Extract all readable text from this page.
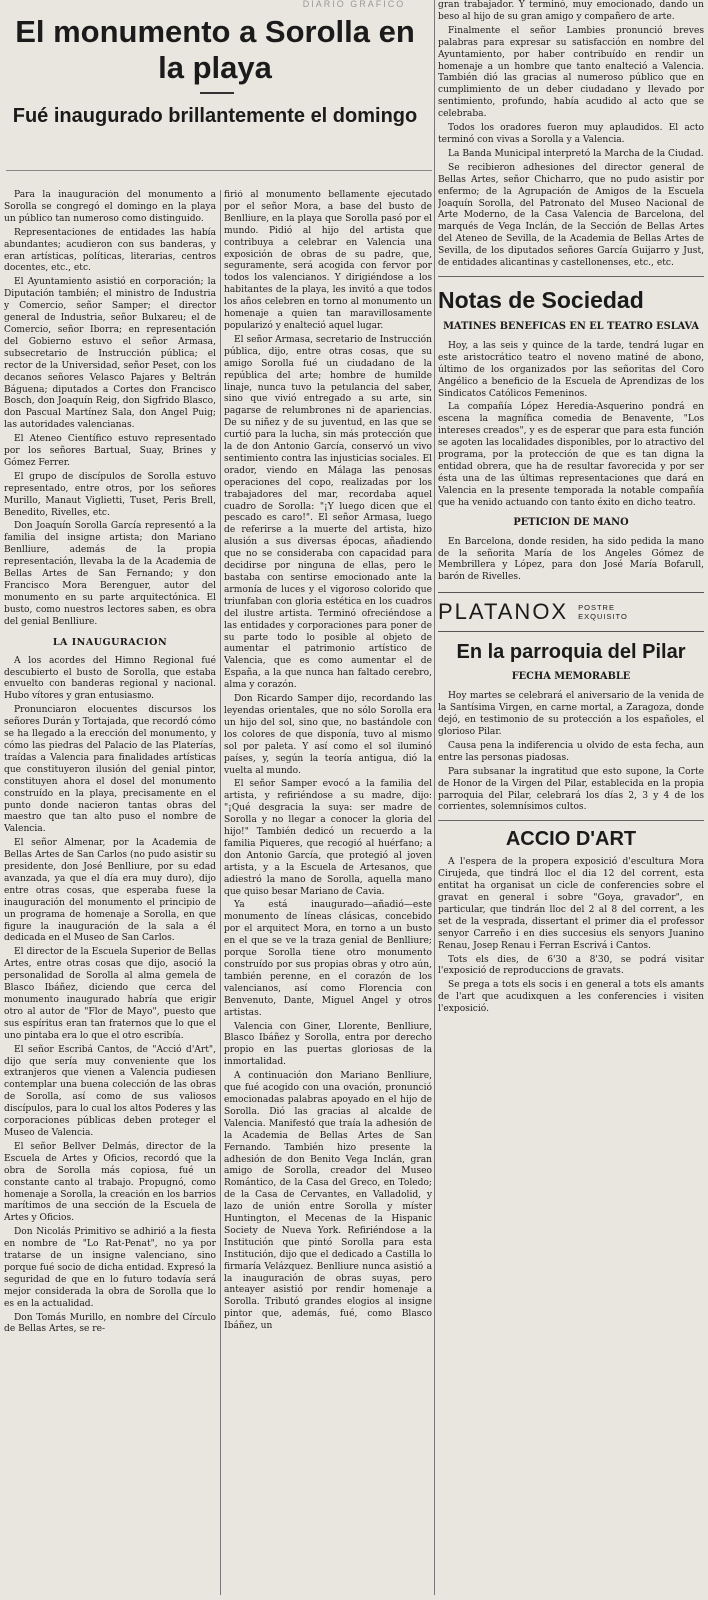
DIARIO GRÁFICO
El monumento a Sorolla en la playa
Fué inaugurado brillantemente el domingo

Para la inauguración del monumento a Sorolla se congregó el domingo en la playa un público tan numeroso como distinguido.

Representaciones de entidades las había abundantes; acudieron con sus banderas, y eran artísticas, políticas, literarias, centros docentes, etc., etc.

El Ayuntamiento asistió en corporación; la Diputación también; el ministro de Industria y Comercio, señor Samper; el director general de Industria, señor Bulxareu; el de Comercio, señor Iborra; en representación del Gobierno estuvo el señor Armasa, subsecretario de Instrucción pública; el rector de la Universidad, señor Peset, con los decanos señores Velasco Pajares y Beltrán Báguena; diputados a Cortes don Francisco Bosch, don Joaquín Reig, don Sigfrido Blasco, don Pascual Martínez Sala, don Angel Puig; las autoridades valencianas.

El Ateneo Científico estuvo representado por los señores Bartual, Suay, Brines y Gómez Ferrer.

El grupo de discípulos de Sorolla estuvo representado, entre otros, por los señores Murillo, Manaut Viglietti, Tuset, Peris Brell, Benedito, Rivelles, etc.

Don Joaquín Sorolla García representó a la familia del insigne artista; don Mariano Benlliure, además de la propia representación, llevaba la de la Academia de Bellas Artes de San Fernando; y don Francisco Mora Berenguer, autor del monumento en su parte arquitectónica. El busto, como nuestros lectores saben, es obra del genial Benlliure.

LA INAUGURACION

A los acordes del Himno Regional fué descubierto el busto de Sorolla, que estaba envuelto con banderas regional y nacional. Hubo vítores y gran entusiasmo.

Pronunciaron elocuentes discursos los señores Durán y Tortajada, que recordó cómo se ha llegado a la erección del monumento, y cómo las piedras del Palacio de las Platerías, traídas a Valencia para finalidades artísticas que constituyeron ilusión del genial pintor, constituyen ahora el dosel del monumento construído en la playa, precisamente en el punto donde nacieron tantas obras del maestro que tan alto puso el nombre de Valencia.

El señor Almenar, por la Academia de Bellas Artes de San Carlos (no pudo asistir su presidente, don José Benlliure, por su edad avanzada, ya que el día era muy duro), dijo entre otras cosas, que esperaba fuese la inauguración del monumento el principio de un programa de homenaje a Sorolla, en que figure la inauguración de la sala a él dedicada en el Museo de San Carlos.

El director de la Escuela Superior de Bellas Artes, entre otras cosas que dijo, asoció la personalidad de Sorolla al alma gemela de Blasco Ibáñez, diciendo que cerca del monumento inaugurado habría que erigir otro al autor de "Flor de Mayo", puesto que sus espíritus eran tan fraternos que lo que el uno pintaba era lo que el otro escribía.

El señor Escribá Cantos, de "Acció d'Art", dijo que sería muy conveniente que los extranjeros que vienen a Valencia pudiesen contemplar una buena colección de las obras de Sorolla, así como de sus valiosos discípulos, para lo cual los altos Poderes y las corporaciones públicas deben proteger el Museo de Valencia.

El señor Bellver Delmás, director de la Escuela de Artes y Oficios, recordó que la obra de Sorolla más copiosa, fué un constante canto al trabajo. Propugnó, como homenaje a Sorolla, la creación en los barrios marítimos de una sección de la Escuela de Artes y Oficios.

Don Nicolás Primitivo se adhirió a la fiesta en nombre de "Lo Rat-Penat", no ya por tratarse de un insigne valenciano, sino porque fué socio de dicha entidad. Expresó la seguridad de que en lo futuro todavía será mejor considerada la obra de Sorolla que lo es en la actualidad.

Don Tomás Murillo, en nombre del Círculo de Bellas Artes, se re-

firió al monumento bellamente ejecutado por el señor Mora, a base del busto de Benlliure, en la playa que Sorolla pasó por el mundo. Pidió al hijo del artista que contribuya a celebrar en Valencia una exposición de obras de su padre, que, seguramente, será acogida con fervor por todos los valencianos. Y dirigiéndose a los habitantes de la playa, les invitó a que todos los años celebren en torno al monumento un homenaje a quien tan maravillosamente popularizó y enalteció aquel lugar.

El señor Armasa, secretario de Instrucción pública, dijo, entre otras cosas, que su amigo Sorolla fué un ciudadano de la república del arte; hombre de humilde linaje, nunca tuvo la petulancia del saber, sino que vivió entregado a su arte, sin pagarse de relumbrones ni de apariencias. De su niñez y de su juventud, en las que se curtió para la lucha, sin más protección que la de don Antonio García, conservó un vivo sentimiento contra las injusticias sociales. El orador, viendo en Málaga las penosas operaciones del copo, realizadas por los trabajadores del mar, recordaba aquel cuadro de Sorolla: "¡Y luego dicen que el pescado es caro!". El señor Armasa, luego de referirse a la muerte del artista, hizo alusión a sus diversas épocas, añadiendo que no se consideraba con capacidad para decidirse por ninguna de ellas, pero le bastaba con sentirse emocionado ante la armonía de luces y el vigoroso colorido que triunfaban con gloria estética en los cuadros del ilustre artista. Terminó ofreciéndose a las entidades y corporaciones para poner de su parte todo lo posible al objeto de aumentar el patrimonio artístico de Valencia, que es como aumentar el de España, a la que nunca han faltado cerebro, alma y corazón.

Don Ricardo Samper dijo, recordando las leyendas orientales, que no sólo Sorolla era un hijo del sol, sino que, no bastándole con los colores de que disponía, tuvo al mismo sol por paleta. Y así como el sol iluminó países, y, según la teoría antigua, dió la vuelta al mundo.

El señor Samper evocó a la familia del artista, y refiriéndose a su madre, dijo: "¡Qué desgracia la suya: ser madre de Sorolla y no llegar a conocer la gloria del hijo!" También dedicó un recuerdo a la familia Piqueres, que recogió al huérfano; a don Antonio García, que protegió al joven artista, y a la Escuela de Artesanos, que adiestró la mano de Sorolla, aquella mano que quiso besar Mariano de Cavia.

Ya está inaugurado—añadió—este monumento de líneas clásicas, concebido por el arquitect Mora, en torno a un busto en el que se ve la traza genial de Benlliure; porque Sorolla tiene otro monumento construído por sus propias obras y otro aún, también perenne, en el corazón de los valencianos, así como Florencia con Benvenuto, Dante, Miguel Angel y otros artistas.

Valencia con Giner, Llorente, Benlliure, Blasco Ibáñez y Sorolla, entra por derecho propio en las puertas gloriosas de la inmortalidad.

A continuación don Mariano Benlliure, que fué acogido con una ovación, pronunció emocionadas palabras apoyado en el hijo de Sorolla. Dió las gracias al alcalde de Valencia. Manifestó que traía la adhesión de la Academia de Bellas Artes de San Fernando. También hizo presente la adhesión de don Benito Vega Inclán, gran amigo de Sorolla, creador del Museo Romántico, de la Casa del Greco, en Toledo; de la Casa de Cervantes, en Valladolid, y lazo de unión entre Sorolla y míster Huntington, el Mecenas de la Hispanic Society de Nueva York. Refiriéndose a la Institución que pintó Sorolla para esta Institución, dijo que el dedicado a Castilla lo firmaría Velázquez. Benlliure nunca asistió a la inauguración de obras suyas, pero anteayer asistió por rendir homenaje a Sorolla. Tributó grandes elogios al insigne pintor que, además, fué, como Blasco Ibáñez, un

gran trabajador. Y terminó, muy emocionado, dando un beso al hijo de su gran amigo y compañero de arte.

Finalmente el señor Lambies pronunció breves palabras para expresar su satisfacción en nombre del Ayuntamiento, por haber contribuído en rendir un homenaje a un hombre que tanto enalteció a Valencia. También dió las gracias al numeroso público que en cumplimiento de un deber ciudadano y llevado por sentimiento, profundo, había acudido al acto que se celebraba.

Todos los oradores fueron muy aplaudidos. El acto terminó con vivas a Sorolla y a Valencia.

La Banda Municipal interpretó la Marcha de la Ciudad.

Se recibieron adhesiones del director general de Bellas Artes, señor Chicharro, que no pudo asistir por enfermo; de la Agrupación de Amigos de la Escuela Joaquín Sorolla, del Patronato del Museo Nacional de Arte Moderno, de la Casa Valencia de Barcelona, del marqués de Vega Inclán, de la Sección de Bellas Artes del Ateneo de Sevilla, de la Academia de Bellas Artes de Sevilla, de los diputados señores García Guijarro y Just, de entidades alicantinas y castellonenses, etc., etc.

Notas de Sociedad
MATINES BENEFICAS EN EL TEATRO ESLAVA

Hoy, a las seis y quince de la tarde, tendrá lugar en este aristocrático teatro el noveno matiné de abono, último de los organizados por las señoritas del Coro Angélico a beneficio de la Escuela de Aprendizas de los Sindicatos Católicos Femeninos.

La compañía López Heredia-Asquerino pondrá en escena la magnífica comedia de Benavente, "Los intereses creados", y es de esperar que para esta función se agoten las localidades disponibles, por lo atractivo del programa, por la protección de que es tan digna la entidad obrera, que ha de resultar favorecida y por ser ésta una de las últimas representaciones que dará en Valencia en la presente temporada la notable compañía que ha venido actuando con tanto éxito en dicho teatro.

PETICION DE MANO

En Barcelona, donde residen, ha sido pedida la mano de la señorita María de los Angeles Gómez de Membrillera y López, para don José María Bofarull, barón de Rivelles.

PLATANOX POSTRE
EXQUISITO
En la parroquia del Pilar
FECHA MEMORABLE

Hoy martes se celebrará el aniversario de la venida de la Santísima Virgen, en carne mortal, a Zaragoza, donde dejó, en testimonio de su protección a los españoles, el glorioso Pilar.

Causa pena la indiferencia u olvido de esta fecha, aun entre las personas piadosas.

Para subsanar la ingratitud que esto supone, la Corte de Honor de la Virgen del Pilar, establecida en la propia parroquia del Pilar, celebrará los días 2, 3 y 4 de los corrientes, solemnísimos cultos.

ACCIO D'ART

A l'espera de la propera exposició d'escultura Mora Cirujeda, que tindrá lloc el dia 12 del corrent, esta entitat ha organisat un cicle de conferencies sobre el gravat en general i sobre "Goya, gravador", en particular, que tindrán lloc del 2 al 8 del corrent, a les set de la vesprada, dissertant el primer dia el professor senyor Carreño i en dies succesius els senyors Juanino Renau, Josep Renau i Ferran Escrivá i Cantos.

Tots els dies, de 6'30 a 8'30, se podrá visitar l'exposició de reproduccions de gravats.

Se prega a tots els socis i en general a tots els amants de l'art que acudixquen a les conferencies i visiten l'exposició.
